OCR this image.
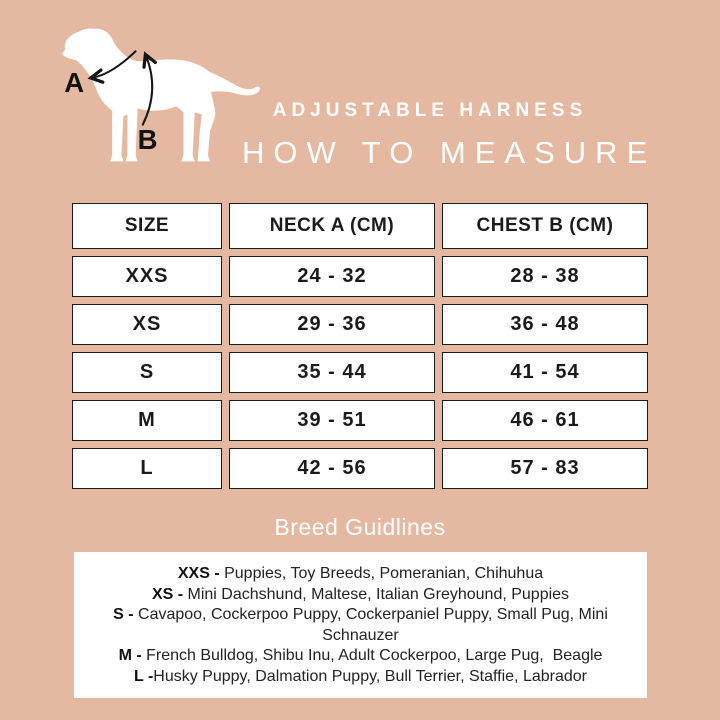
A
B
ADJUSTABLE HARNESS
HOW TO MEASURE
SIZE	NECK A (CM)	CHEST B (CM)
XXS	24 - 32	28 - 38
XS	29 - 36	36 - 48
S	35 - 44	41 - 54
M	39 - 51	46 - 61
L	42 - 56	57 - 83
Breed Guidlines
XXS - Puppies, Toy Breeds, Pomeranian, Chihuhua
XS - Mini Dachshund, Maltese, Italian Greyhound, Puppies
S - Cavapoo, Cockerpoo Puppy, Cockerpaniel Puppy, Small Pug, Mini Schnauzer
M - French Bulldog, Shibu Inu, Adult Cockerpoo, Large Pug,  Beagle
L -Husky Puppy, Dalmation Puppy, Bull Terrier, Staffie, Labrador
